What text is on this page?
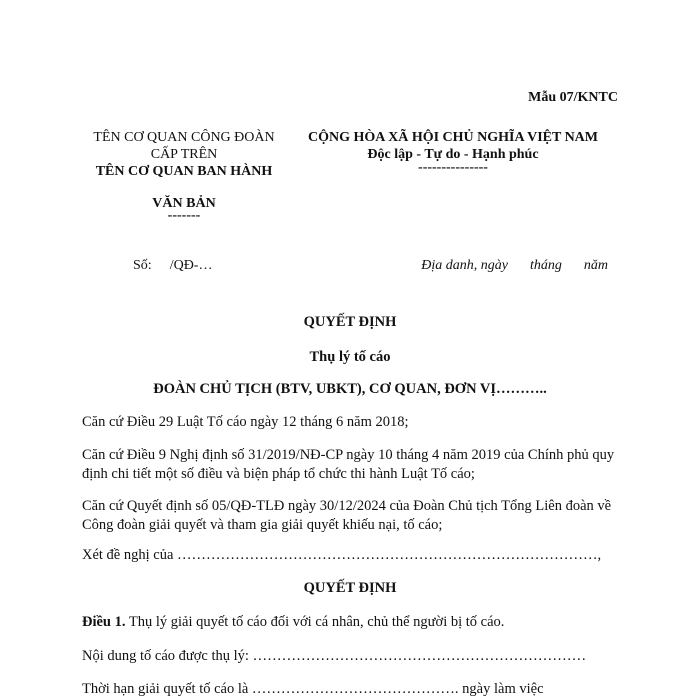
Mẫu 07/KNTC
TÊN CƠ QUAN CÔNG ĐOÀN
CẤP TRÊN
TÊN CƠ QUAN BAN HÀNH
VĂN BẢN
-------
CỘNG HÒA XÃ HỘI CHỦ NGHĨA VIỆT NAM
Độc lập - Tự do - Hạnh phúc
---------------
Số: /QĐ-…	Địa danh, ngày tháng năm
QUYẾT ĐỊNH
Thụ lý tố cáo
ĐOÀN CHỦ TỊCH (BTV, UBKT), CƠ QUAN, ĐƠN VỊ………..
Căn cứ Điều 29 Luật Tố cáo ngày 12 tháng 6 năm 2018;
Căn cứ Điều 9 Nghị định số 31/2019/NĐ-CP ngày 10 tháng 4 năm 2019 của Chính phủ quy định chi tiết một số điều và biện pháp tổ chức thi hành Luật Tố cáo;
Căn cứ Quyết định số 05/QĐ-TLĐ ngày 30/12/2024 của Đoàn Chủ tịch Tổng Liên đoàn về Công đoàn giải quyết và tham gia giải quyết khiếu nại, tố cáo;
Xét đề nghị của ……………………………………………………………………………,
QUYẾT ĐỊNH
Điều 1. Thụ lý giải quyết tố cáo đối với cá nhân, chủ thể người bị tố cáo.
Nội dung tố cáo được thụ lý: ……………………………………………………………
Thời hạn giải quyết tố cáo là ……………………………………. ngày làm việc
